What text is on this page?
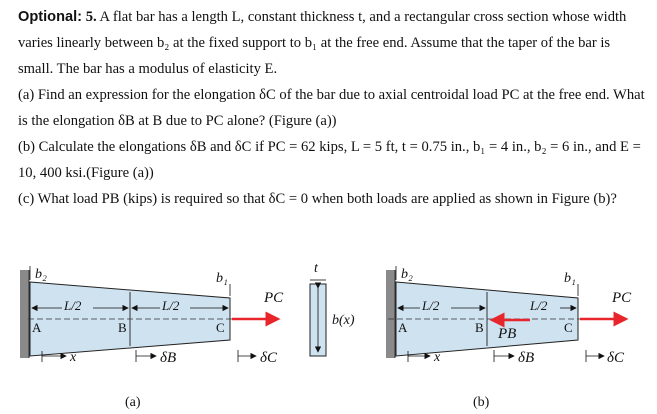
Optional: 5. A flat bar has a length L, constant thickness t, and a rectangular cross section whose width varies linearly between b₂ at the fixed support to b₁ at the free end. Assume that the taper of the bar is small. The bar has a modulus of elasticity E.

(a) Find an expression for the elongation δC of the bar due to axial centroidal load PC at the free end. What is the elongation δB at B due to PC alone? (Figure (a))

(b) Calculate the elongations δB and δC if PC = 62 kips, L = 5 ft, t = 0.75 in., b₁ = 4 in., b₂ = 6 in., and E = 10, 400 ksi.(Figure (a))

(c) What load PB (kips) is required so that δC = 0 when both loads are applied as shown in Figure (b)?

b₂	b₁
L/2	L/2
A	B	C
PC
x	δB	δC
(a)
t
b(x)
b₂	b₁
L/2	L/2
A	B	C
PB
PC
x	δB	δC
(b)
